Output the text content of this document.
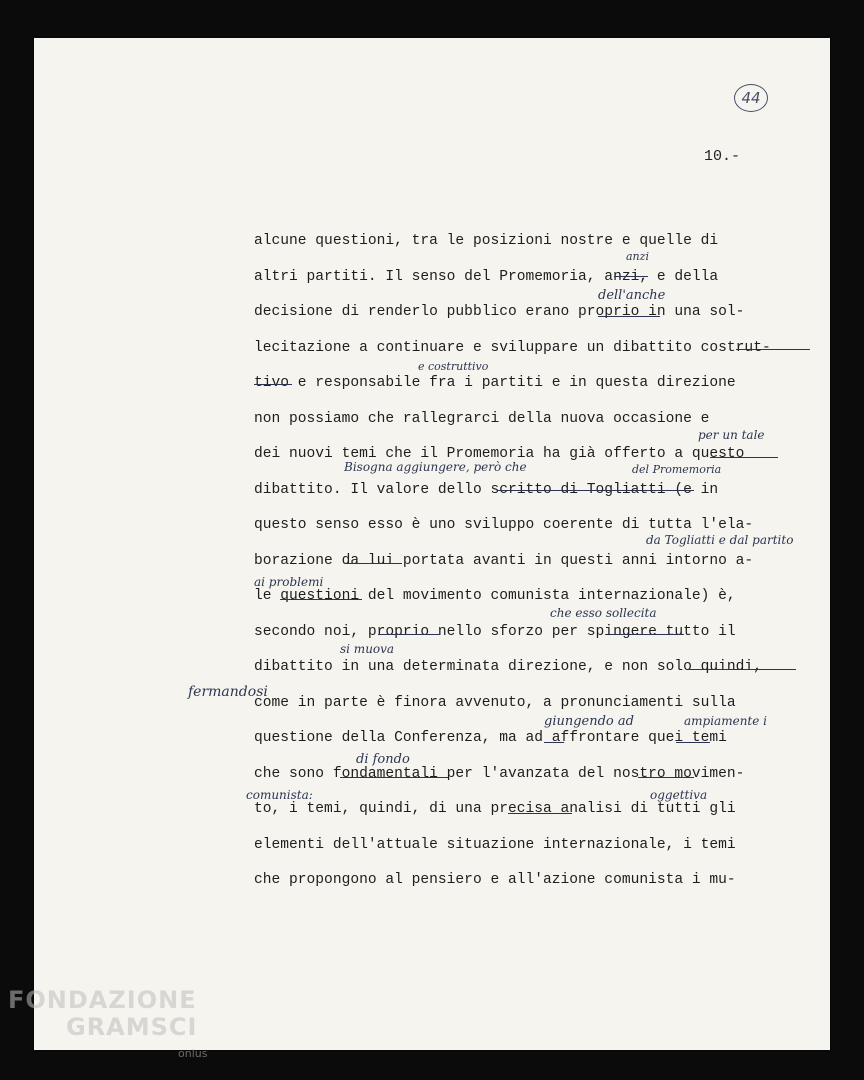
44
10.-
alcune questioni, tra le posizioni nostre e quelle di
altri partiti. Il senso del Promemoria, anzi, e della
decisione di renderlo pubblico erano proprio in una sol-
lecitazione a continuare e sviluppare un dibattito costrut-
tivo e responsabile fra i partiti e in questa direzione
non possiamo che rallegrarci della nuova occasione e
dei nuovi temi che il Promemoria ha già offerto a questo
dibattito. Il valore dello scritto di Togliatti (e in
questo senso esso è uno sviluppo coerente di tutta l'ela-
borazione da lui portata avanti in questi anni intorno a-
le questioni del movimento comunista internazionale) è,
secondo noi, proprio nello sforzo per spingere tutto il
dibattito in una determinata direzione, e non solo quindi,
come in parte è finora avvenuto, a pronunciamenti sulla
questione della Conferenza, ma ad affrontare quei temi
che sono fondamentali per l'avanzata del nostro movimen-
to, i temi, quindi, di una precisa analisi di tutti gli
elementi dell'attuale situazione internazionale, i temi
che propongono al pensiero e all'azione comunista i mu-
anzi
dell'anche
e costruttivo
per un tale
Bisogna aggiungere, però che	del Promemoria
da Togliatti e dal partito
ai problemi
che esso sollecita
si muova
fermandosi
giungendo ad	ampiamente i
di fondo
comunista:	oggettiva
FONDAZIONE
GRAMSCI
onlus
